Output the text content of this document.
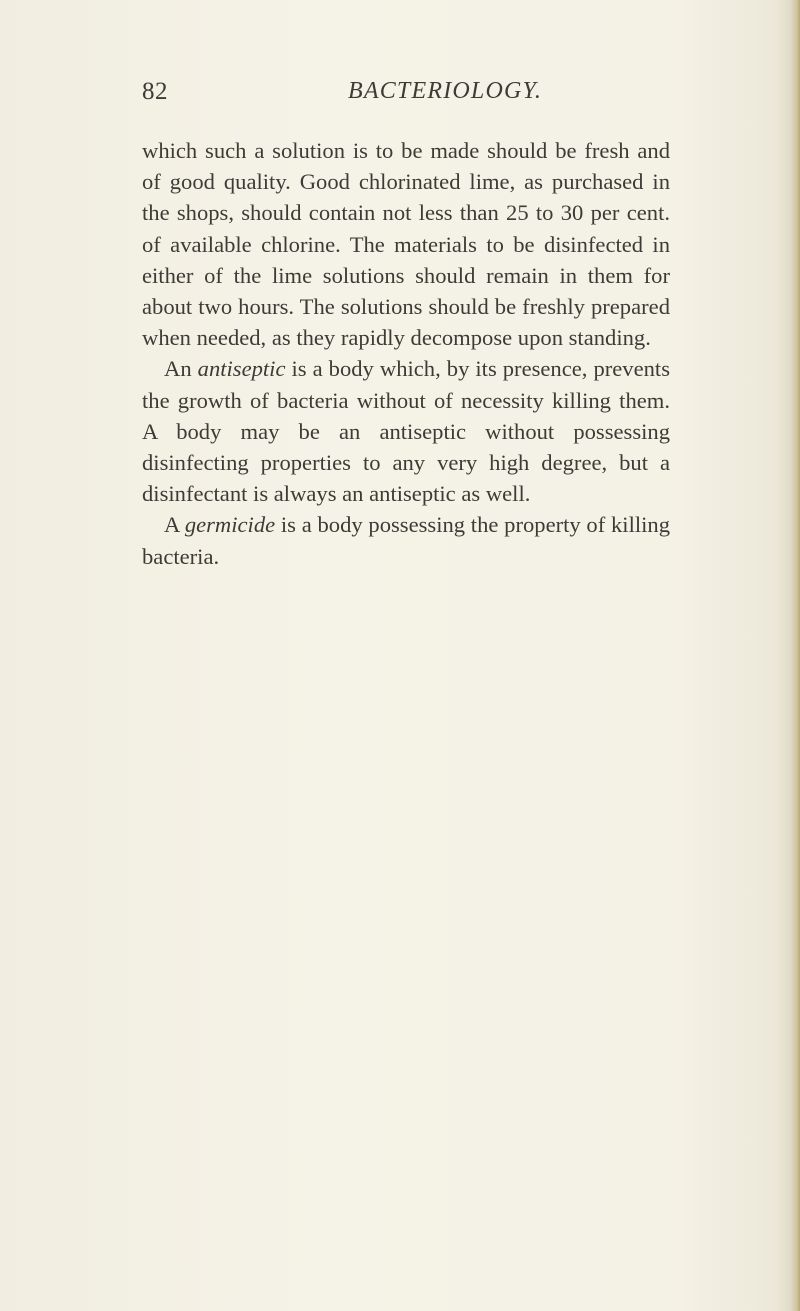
82	BACTERIOLOGY.

which such a solution is to be made should be fresh and of good quality. Good chlorinated lime, as purchased in the shops, should contain not less than 25 to 30 per cent. of available chlorine. The materials to be disinfected in either of the lime solutions should remain in them for about two hours. The solutions should be freshly prepared when needed, as they rapidly decompose upon standing.

An antiseptic is a body which, by its presence, prevents the growth of bacteria without of necessity killing them. A body may be an antiseptic without possessing disinfecting properties to any very high degree, but a disinfectant is always an antiseptic as well.

A germicide is a body possessing the property of killing bacteria.
